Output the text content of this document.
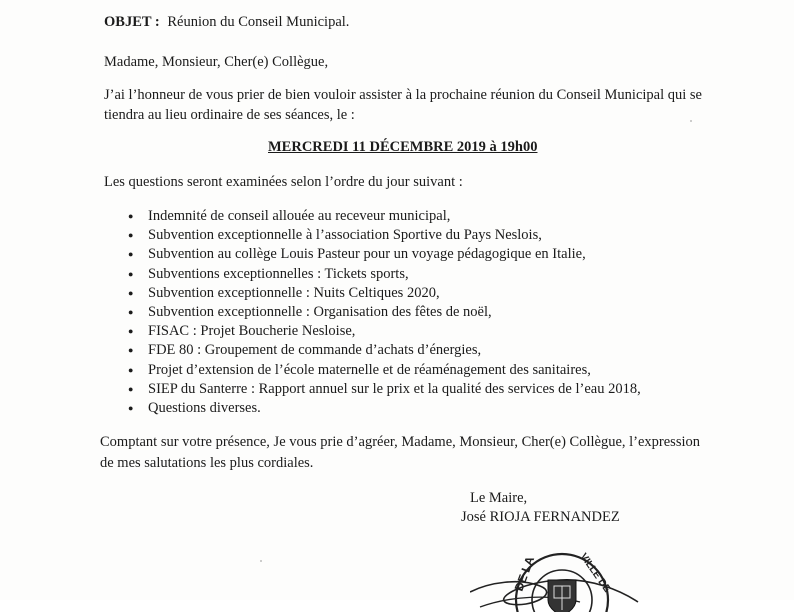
OBJET : Réunion du Conseil Municipal.
Madame, Monsieur, Cher(e) Collègue,
J’ai l’honneur de vous prier de bien vouloir assister à la prochaine réunion du Conseil Municipal qui se
tiendra au lieu ordinaire de ses séances, le :
MERCREDI 11 DÉCEMBRE 2019 à 19h00
Les questions seront examinées selon l’ordre du jour suivant :
● Indemnité de conseil allouée au receveur municipal,
● Subvention exceptionnelle à l’association Sportive du Pays Neslois,
● Subvention au collège Louis Pasteur pour un voyage pédagogique en Italie,
● Subventions exceptionnelles : Tickets sports,
● Subvention exceptionnelle : Nuits Celtiques 2020,
● Subvention exceptionnelle : Organisation des fêtes de noël,
● FISAC : Projet Boucherie Nesloise,
● FDE 80 : Groupement de commande d’achats d’énergies,
● Projet d’extension de l’école maternelle et de réaménagement des sanitaires,
● SIEP du Santerre : Rapport annuel sur le prix et la qualité des services de l’eau 2018,
● Questions diverses.
Comptant sur votre présence, Je vous prie d’agréer, Madame, Monsieur, Cher(e) Collègue, l’expression
de mes salutations les plus cordiales.
Le Maire,
José RIOJA FERNANDEZ
DE LA	VILLE DE
